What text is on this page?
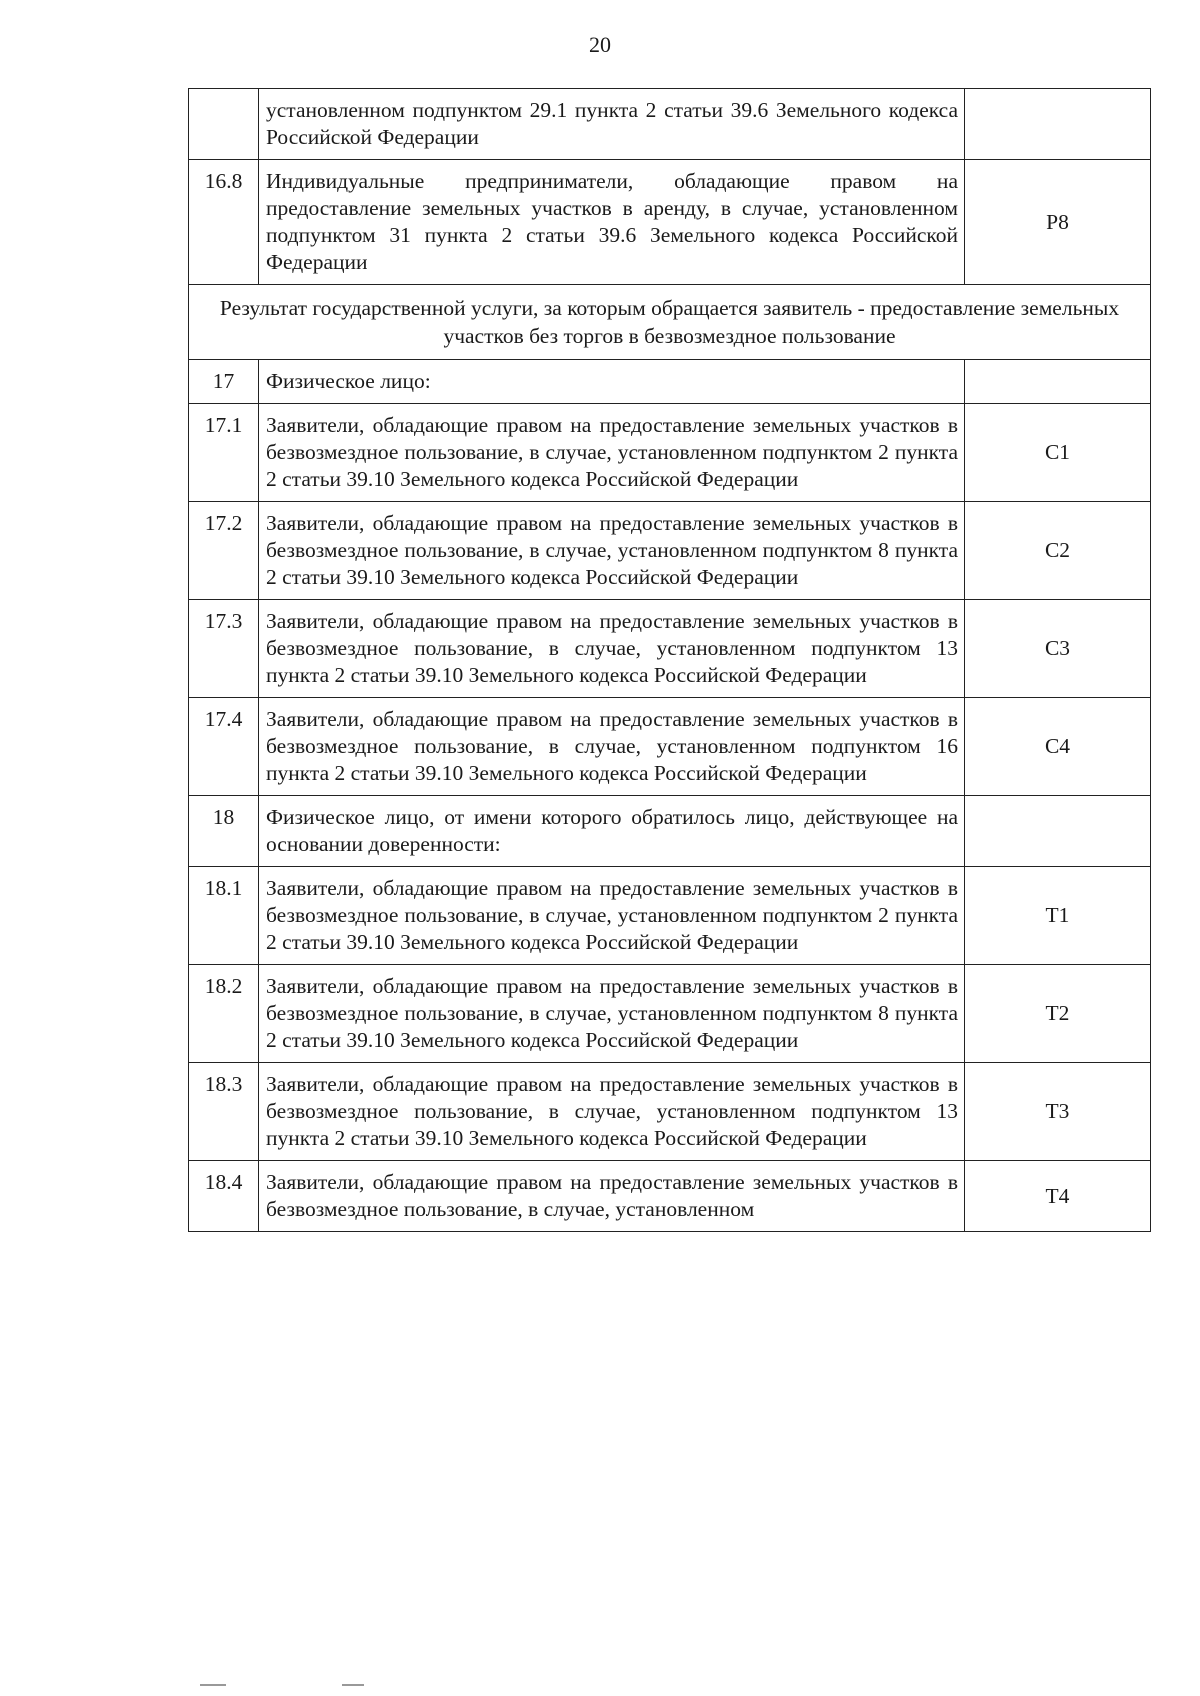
20
	установленном подпунктом 29.1 пункта 2 статьи 39.6 Земельного кодекса Российской Федерации	
16.8	Индивидуальные предприниматели, обладающие правом на предоставление земельных участков в аренду, в случае, установленном подпунктом 31 пункта 2 статьи 39.6 Земельного кодекса Российской Федерации	Р8
Результат государственной услуги, за которым обращается заявитель - предоставление земельных участков без торгов в безвозмездное пользование		
17	Физическое лицо:	
17.1	Заявители, обладающие правом на предоставление земельных участков в безвозмездное пользование, в случае, установленном подпунктом 2 пункта 2 статьи 39.10 Земельного кодекса Российской Федерации	С1
17.2	Заявители, обладающие правом на предоставление земельных участков в безвозмездное пользование, в случае, установленном подпунктом 8 пункта 2 статьи 39.10 Земельного кодекса Российской Федерации	С2
17.3	Заявители, обладающие правом на предоставление земельных участков в безвозмездное пользование, в случае, установленном подпунктом 13 пункта 2 статьи 39.10 Земельного кодекса Российской Федерации	С3
17.4	Заявители, обладающие правом на предоставление земельных участков в безвозмездное пользование, в случае, установленном подпунктом 16 пункта 2 статьи 39.10 Земельного кодекса Российской Федерации	С4
18	Физическое лицо, от имени которого обратилось лицо, действующее на основании доверенности:	
18.1	Заявители, обладающие правом на предоставление земельных участков в безвозмездное пользование, в случае, установленном подпунктом 2 пункта 2 статьи 39.10 Земельного кодекса Российской Федерации	Т1
18.2	Заявители, обладающие правом на предоставление земельных участков в безвозмездное пользование, в случае, установленном подпунктом 8 пункта 2 статьи 39.10 Земельного кодекса Российской Федерации	Т2
18.3	Заявители, обладающие правом на предоставление земельных участков в безвозмездное пользование, в случае, установленном подпунктом 13 пункта 2 статьи 39.10 Земельного кодекса Российской Федерации	Т3
18.4	Заявители, обладающие правом на предоставление земельных участков в безвозмездное пользование, в случае, установленном	Т4
